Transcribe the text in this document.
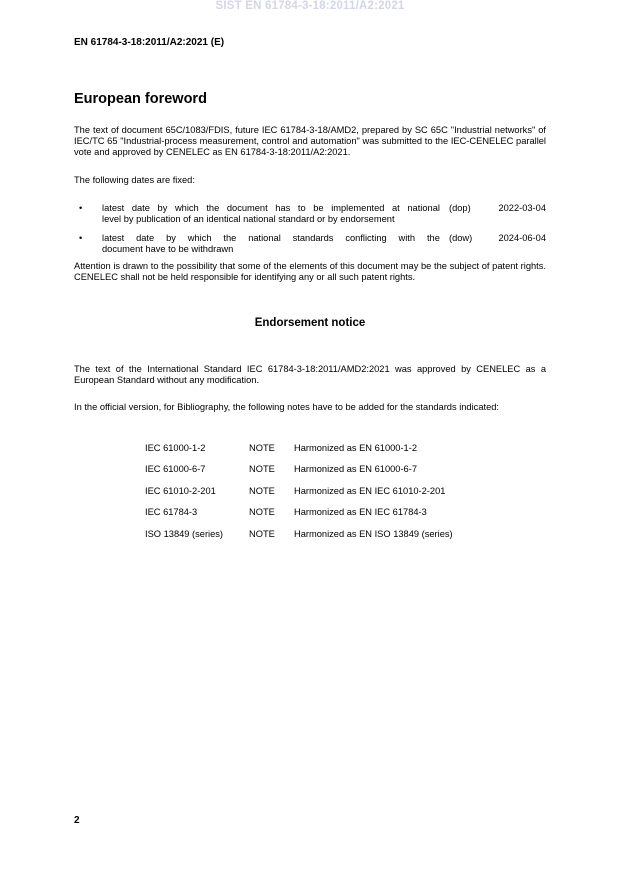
SIST EN 61784-3-18:2011/A2:2021
EN 61784-3-18:2011/A2:2021 (E)
European foreword
The text of document 65C/1083/FDIS, future IEC 61784-3-18/AMD2, prepared by SC 65C "Industrial networks" of IEC/TC 65 "Industrial-process measurement, control and automation" was submitted to the IEC-CENELEC parallel vote and approved by CENELEC as EN 61784-3-18:2011/A2:2021.
The following dates are fixed:
• latest date by which the document has to be implemented at national
level by publication of an identical national standard or by endorsement
(dop)	2022-03-04
• latest date by which the national standards conflicting with the
document have to be withdrawn
(dow)	2024-06-04
Attention is drawn to the possibility that some of the elements of this document may be the subject of patent rights. CENELEC shall not be held responsible for identifying any or all such patent rights.
Endorsement notice
The text of the International Standard IEC 61784-3-18:2011/AMD2:2021 was approved by CENELEC as a European Standard without any modification.
In the official version, for Bibliography, the following notes have to be added for the standards indicated:
IEC 61000-1-2	NOTE Harmonized as EN 61000-1-2
IEC 61000-6-7	NOTE Harmonized as EN 61000-6-7
IEC 61010-2-201	NOTE Harmonized as EN IEC 61010-2-201
IEC 61784-3	NOTE Harmonized as EN IEC 61784-3
ISO 13849 (series)	NOTE Harmonized as EN ISO 13849 (series)
2
